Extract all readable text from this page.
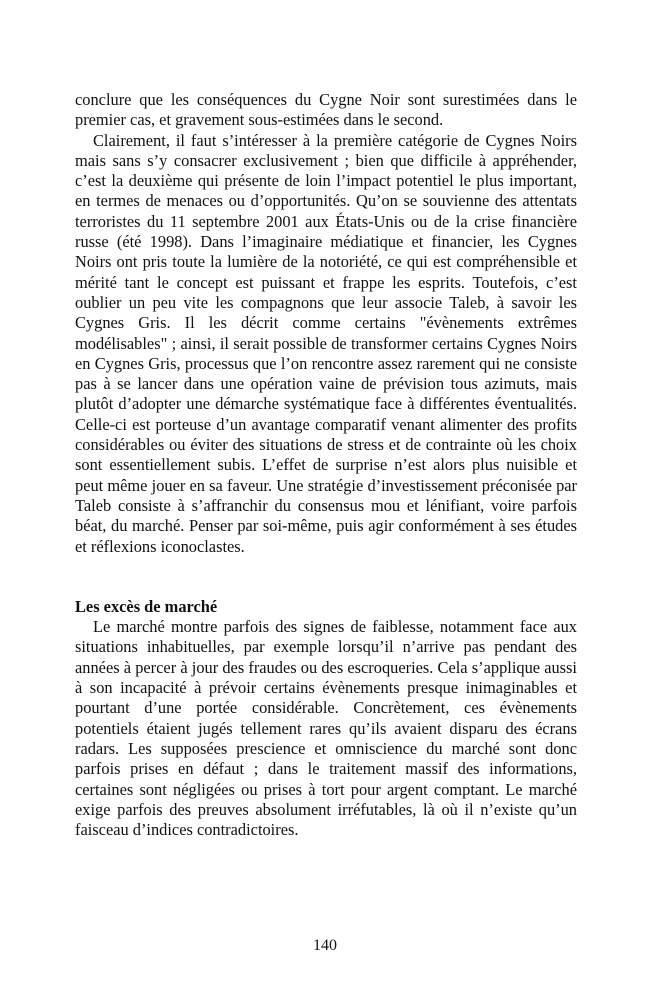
conclure que les conséquences du Cygne Noir sont surestimées dans le premier cas, et gravement sous-estimées dans le second.

Clairement, il faut s’intéresser à la première catégorie de Cygnes Noirs mais sans s’y consacrer exclusivement ; bien que difficile à appréhender, c’est la deuxième qui présente de loin l’impact potentiel le plus important, en termes de menaces ou d’opportunités. Qu’on se souvienne des attentats terroristes du 11 septembre 2001 aux États-Unis ou de la crise financière russe (été 1998). Dans l’imaginaire médiatique et financier, les Cygnes Noirs ont pris toute la lumière de la notoriété, ce qui est compréhensible et mérité tant le concept est puissant et frappe les esprits. Toutefois, c’est oublier un peu vite les compagnons que leur associe Taleb, à savoir les Cygnes Gris. Il les décrit comme certains "évènements extrêmes modélisables" ; ainsi, il serait possible de transformer certains Cygnes Noirs en Cygnes Gris, processus que l’on rencontre assez rarement qui ne consiste pas à se lancer dans une opération vaine de prévision tous azimuts, mais plutôt d’adopter une démarche systématique face à différentes éventualités. Celle-ci est porteuse d’un avantage comparatif venant alimenter des profits considérables ou éviter des situations de stress et de contrainte où les choix sont essentiellement subis. L’effet de surprise n’est alors plus nuisible et peut même jouer en sa faveur. Une stratégie d’investissement préconisée par Taleb consiste à s’affranchir du consensus mou et lénifiant, voire parfois béat, du marché. Penser par soi-même, puis agir conformément à ses études et réflexions iconoclastes.

Les excès de marché

Le marché montre parfois des signes de faiblesse, notamment face aux situations inhabituelles, par exemple lorsqu’il n’arrive pas pendant des années à percer à jour des fraudes ou des escroqueries. Cela s’applique aussi à son incapacité à prévoir certains évènements presque inimaginables et pourtant d’une portée considérable. Concrètement, ces évènements potentiels étaient jugés tellement rares qu’ils avaient disparu des écrans radars. Les supposées prescience et omniscience du marché sont donc parfois prises en défaut ; dans le traitement massif des informations, certaines sont négligées ou prises à tort pour argent comptant. Le marché exige parfois des preuves absolument irréfutables, là où il n’existe qu’un faisceau d’indices contradictoires.

140
